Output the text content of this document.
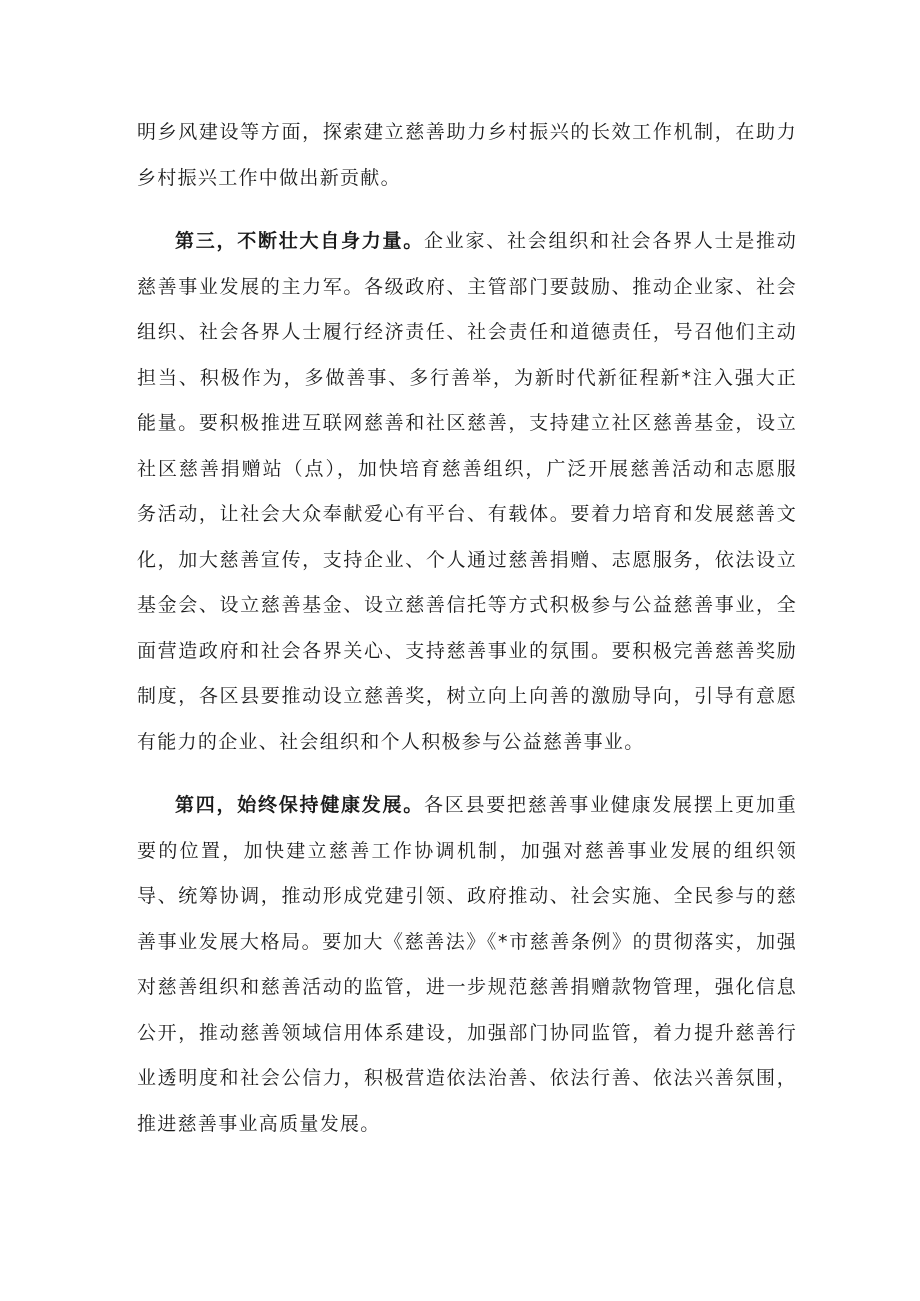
明乡风建设等方面，探索建立慈善助力乡村振兴的长效工作机制，在助力乡村振兴工作中做出新贡献。

第三，不断壮大自身力量。企业家、社会组织和社会各界人士是推动慈善事业发展的主力军。各级政府、主管部门要鼓励、推动企业家、社会组织、社会各界人士履行经济责任、社会责任和道德责任，号召他们主动担当、积极作为，多做善事、多行善举，为新时代新征程新*注入强大正能量。要积极推进互联网慈善和社区慈善，支持建立社区慈善基金，设立社区慈善捐赠站（点），加快培育慈善组织，广泛开展慈善活动和志愿服务活动，让社会大众奉献爱心有平台、有载体。要着力培育和发展慈善文化，加大慈善宣传，支持企业、个人通过慈善捐赠、志愿服务，依法设立基金会、设立慈善基金、设立慈善信托等方式积极参与公益慈善事业，全面营造政府和社会各界关心、支持慈善事业的氛围。要积极完善慈善奖励制度，各区县要推动设立慈善奖，树立向上向善的激励导向，引导有意愿有能力的企业、社会组织和个人积极参与公益慈善事业。

第四，始终保持健康发展。各区县要把慈善事业健康发展摆上更加重要的位置，加快建立慈善工作协调机制，加强对慈善事业发展的组织领导、统筹协调，推动形成党建引领、政府推动、社会实施、全民参与的慈善事业发展大格局。要加大《慈善法》《*市慈善条例》的贯彻落实，加强对慈善组织和慈善活动的监管，进一步规范慈善捐赠款物管理，强化信息公开，推动慈善领域信用体系建设，加强部门协同监管，着力提升慈善行业透明度和社会公信力，积极营造依法治善、依法行善、依法兴善氛围，推进慈善事业高质量发展。
